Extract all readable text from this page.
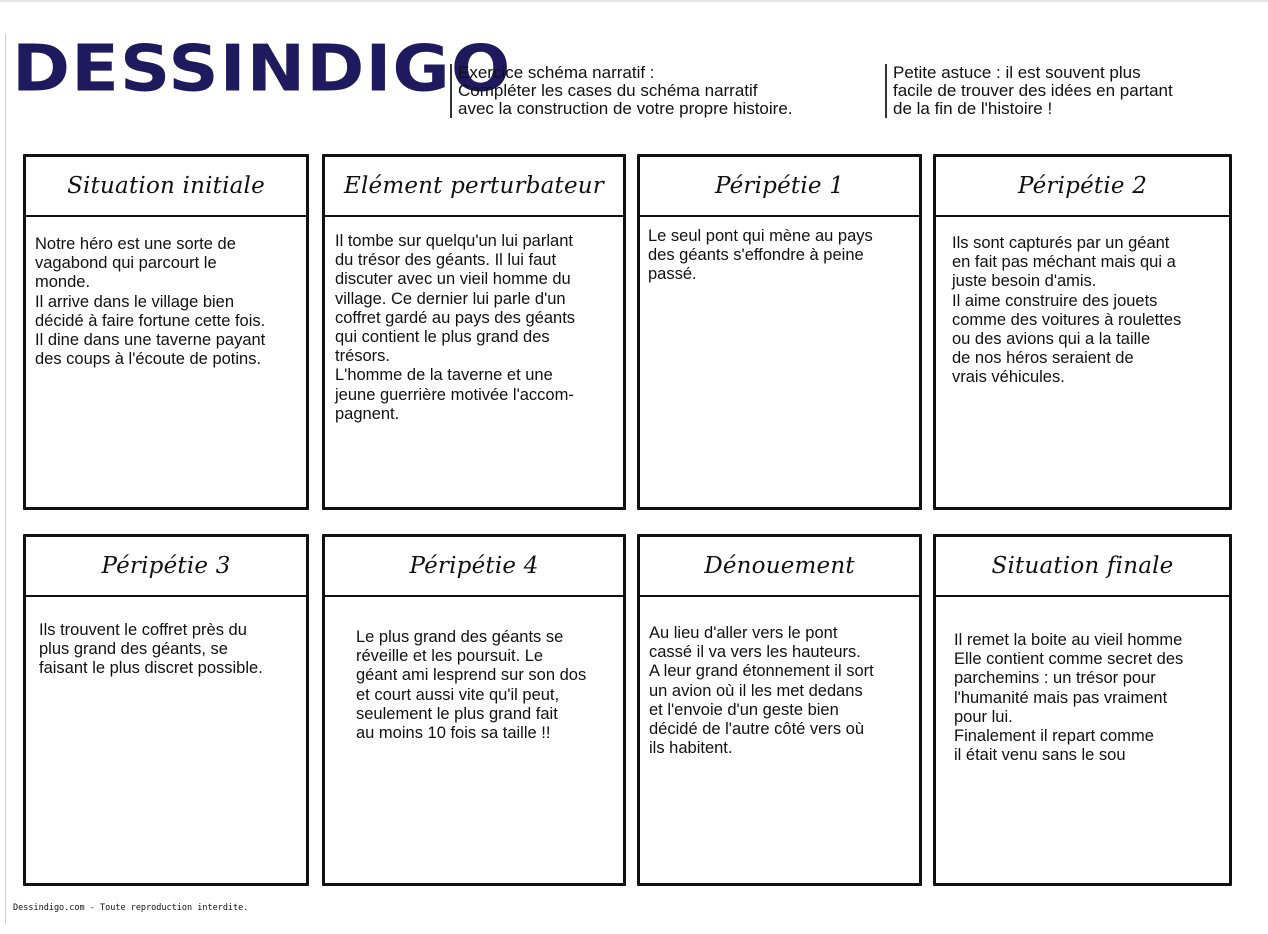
DESSINDIGO
Exercice schéma narratif :
Compléter les cases du schéma narratif
avec la construction de votre propre histoire.
Petite astuce : il est souvent plus
facile de trouver des idées en partant
de la fin de l'histoire !
Situation initiale
Notre héro est une sorte de
vagabond qui parcourt le
monde.
Il arrive dans le village bien
décidé à faire fortune cette fois.
Il dine dans une taverne payant
des coups à l'écoute de potins.
Elément perturbateur
Il tombe sur quelqu'un lui parlant
du trésor des géants. Il lui faut
discuter avec un vieil homme du
village. Ce dernier lui parle d'un
coffret gardé au pays des géants
qui contient le plus grand des
trésors.
L'homme de la taverne et une
jeune guerrière motivée l'accom-
pagnent.
Péripétie 1
Le seul pont qui mène au pays
des géants s'effondre à peine
passé.
Péripétie 2
Ils sont capturés par un géant
en fait pas méchant mais qui a
juste besoin d'amis.
Il aime construire des jouets
comme des voitures à roulettes
ou des avions qui a la taille
de nos héros seraient de
vrais véhicules.
Péripétie 3
Ils trouvent le coffret près du
plus grand des géants, se
faisant le plus discret possible.
Péripétie 4
Le plus grand des géants se
réveille et les poursuit. Le
géant ami lesprend sur son dos
et court aussi vite qu'il peut,
seulement le plus grand fait
au moins 10 fois sa taille !!
Dénouement
Au lieu d'aller vers le pont
cassé il va vers les hauteurs.
A leur grand étonnement il sort
un avion où il les met dedans
et l'envoie d'un geste bien
décidé de l'autre côté vers où
ils habitent.
Situation finale
Il remet la boite au vieil homme
Elle contient comme secret des
parchemins : un trésor pour
l'humanité mais pas vraiment
pour lui.
Finalement il repart comme
il était venu sans le sou
Dessindigo.com - Toute reproduction interdite.
